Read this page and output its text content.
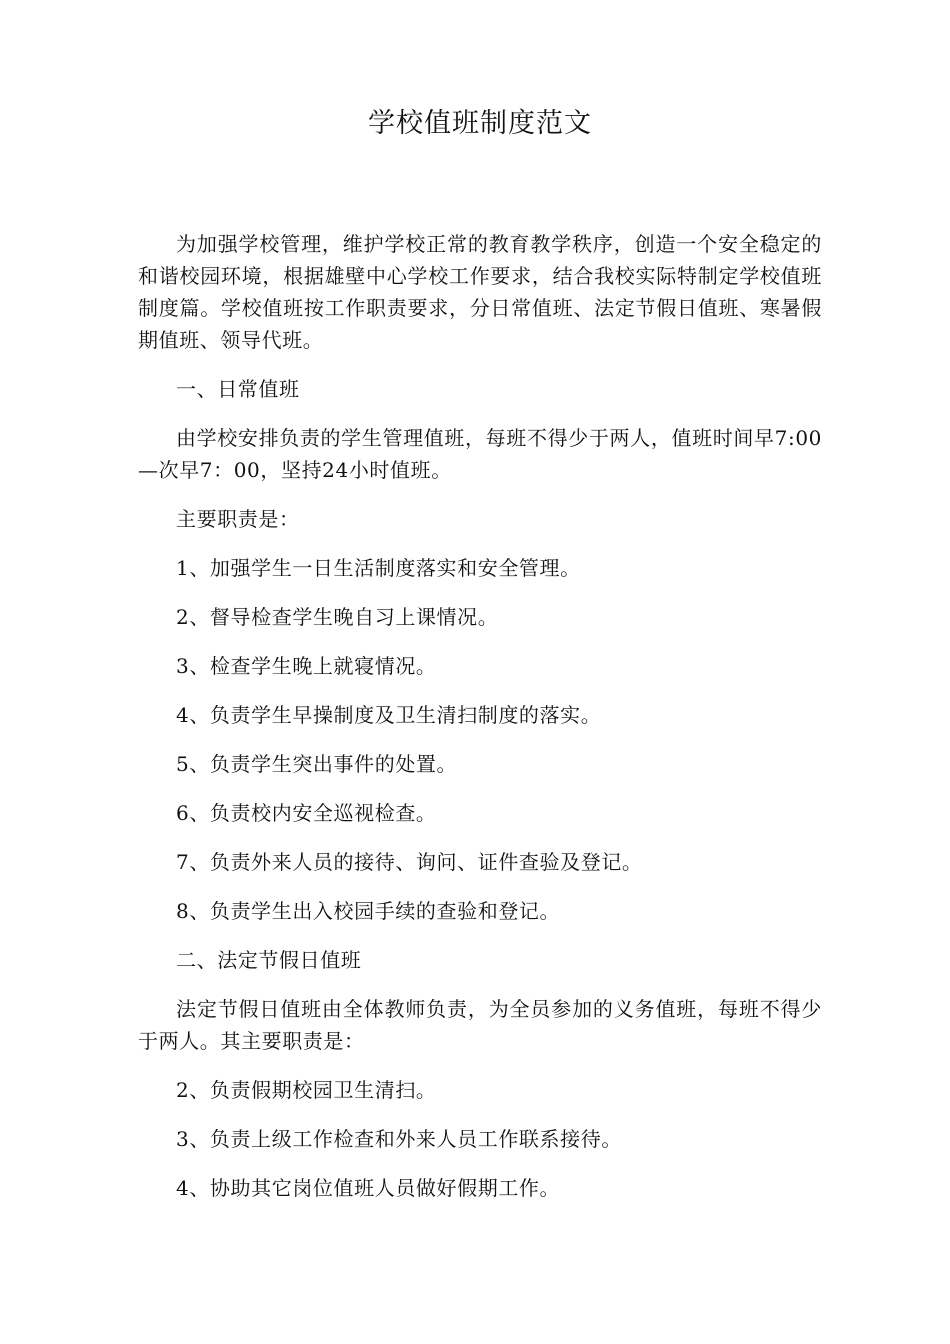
学校值班制度范文

为加强学校管理，维护学校正常的教育教学秩序，创造一个安全稳定的和谐校园环境，根据雄壁中心学校工作要求，结合我校实际特制定学校值班制度篇。学校值班按工作职责要求，分日常值班、法定节假日值班、寒暑假期值班、领导代班。

一、日常值班

由学校安排负责的学生管理值班，每班不得少于两人，值班时间早7:00—次早7：00，坚持24小时值班。

主要职责是：

1、加强学生一日生活制度落实和安全管理。

2、督导检查学生晚自习上课情况。

3、检查学生晚上就寝情况。

4、负责学生早操制度及卫生清扫制度的落实。

5、负责学生突出事件的处置。

6、负责校内安全巡视检查。

7、负责外来人员的接待、询问、证件查验及登记。

8、负责学生出入校园手续的查验和登记。

二、法定节假日值班

法定节假日值班由全体教师负责，为全员参加的义务值班，每班不得少于两人。其主要职责是：

2、负责假期校园卫生清扫。

3、负责上级工作检查和外来人员工作联系接待。

4、协助其它岗位值班人员做好假期工作。
